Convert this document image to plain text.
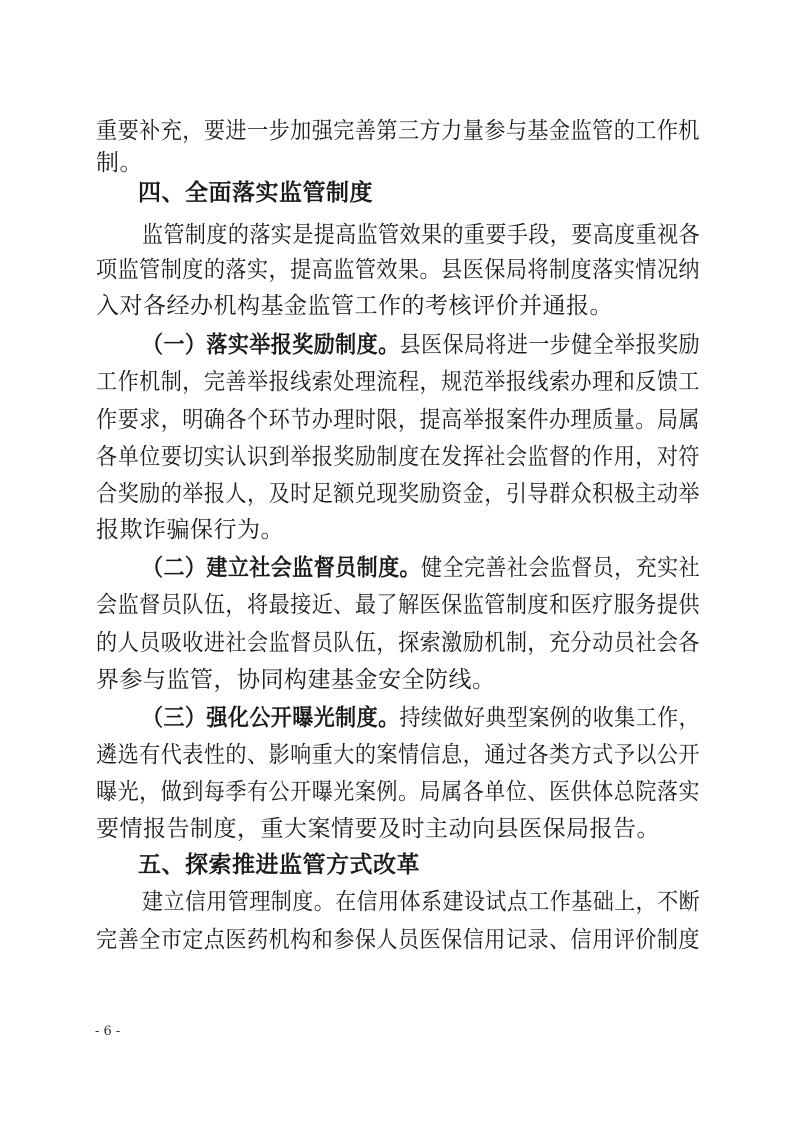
重要补充，要进一步加强完善第三方力量参与基金监管的工作机
制。
四、全面落实监管制度
监管制度的落实是提高监管效果的重要手段，要高度重视各
项监管制度的落实，提高监管效果。县医保局将制度落实情况纳
入对各经办机构基金监管工作的考核评价并通报。
（一）落实举报奖励制度。县医保局将进一步健全举报奖励
工作机制，完善举报线索处理流程，规范举报线索办理和反馈工
作要求，明确各个环节办理时限，提高举报案件办理质量。局属
各单位要切实认识到举报奖励制度在发挥社会监督的作用，对符
合奖励的举报人，及时足额兑现奖励资金，引导群众积极主动举
报欺诈骗保行为。
（二）建立社会监督员制度。健全完善社会监督员，充实社
会监督员队伍，将最接近、最了解医保监管制度和医疗服务提供
的人员吸收进社会监督员队伍，探索激励机制，充分动员社会各
界参与监管，协同构建基金安全防线。
（三）强化公开曝光制度。持续做好典型案例的收集工作，
遴选有代表性的、影响重大的案情信息，通过各类方式予以公开
曝光，做到每季有公开曝光案例。局属各单位、医供体总院落实
要情报告制度，重大案情要及时主动向县医保局报告。
五、探索推进监管方式改革
建立信用管理制度。在信用体系建设试点工作基础上，不断
完善全市定点医药机构和参保人员医保信用记录、信用评价制度
- 6 -
